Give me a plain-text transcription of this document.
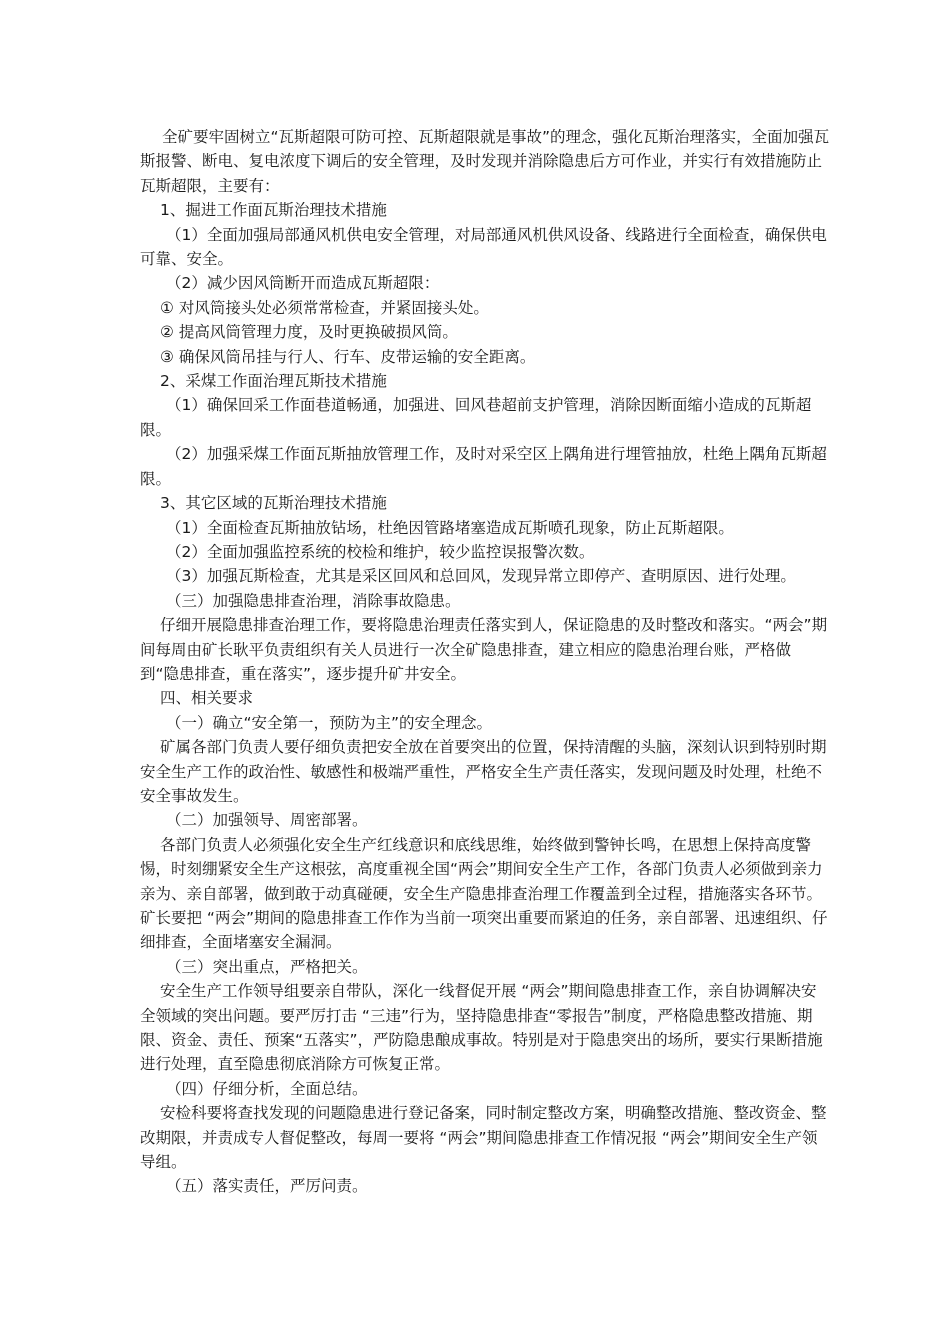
全矿要牢固树立“瓦斯超限可防可控、瓦斯超限就是事故”的理念，强化瓦斯治理落实，全面加强瓦斯报警、断电、复电浓度下调后的安全管理，及时发现并消除隐患后方可作业，并实行有效措施防止瓦斯超限，主要有：

1、掘进工作面瓦斯治理技术措施

（1）全面加强局部通风机供电安全管理，对局部通风机供风设备、线路进行全面检查，确保供电可靠、安全。

（2）减少因风筒断开而造成瓦斯超限：

① 对风筒接头处必须常常检查，并紧固接头处。

② 提高风筒管理力度，及时更换破损风筒。

③ 确保风筒吊挂与行人、行车、皮带运输的安全距离。

2、采煤工作面治理瓦斯技术措施

（1）确保回采工作面巷道畅通，加强进、回风巷超前支护管理，消除因断面缩小造成的瓦斯超限。

（2）加强采煤工作面瓦斯抽放管理工作，及时对采空区上隅角进行埋管抽放，杜绝上隅角瓦斯超限。

3、其它区域的瓦斯治理技术措施

（1）全面检查瓦斯抽放钻场，杜绝因管路堵塞造成瓦斯喷孔现象，防止瓦斯超限。

（2）全面加强监控系统的校检和维护，较少监控误报警次数。

（3）加强瓦斯检查，尤其是采区回风和总回风，发现异常立即停产、查明原因、进行处理。

（三）加强隐患排查治理，消除事故隐患。

仔细开展隐患排查治理工作，要将隐患治理责任落实到人，保证隐患的及时整改和落实。“两会”期间每周由矿长耿平负责组织有关人员进行一次全矿隐患排查，建立相应的隐患治理台账，严格做到“隐患排查，重在落实”，逐步提升矿井安全。

四、相关要求

（一）确立“安全第一，预防为主”的安全理念。

矿属各部门负责人要仔细负责把安全放在首要突出的位置，保持清醒的头脑，深刻认识到特别时期安全生产工作的政治性、敏感性和极端严重性，严格安全生产责任落实，发现问题及时处理，杜绝不安全事故发生。

（二）加强领导、周密部署。

各部门负责人必须强化安全生产红线意识和底线思维，始终做到警钟长鸣，在思想上保持高度警惕，时刻绷紧安全生产这根弦，高度重视全国“两会”期间安全生产工作，各部门负责人必须做到亲力亲为、亲自部署，做到敢于动真碰硬，安全生产隐患排查治理工作覆盖到全过程，措施落实各环节。矿长要把 “两会”期间的隐患排查工作作为当前一项突出重要而紧迫的任务，亲自部署、迅速组织、仔细排查，全面堵塞安全漏洞。

（三）突出重点，严格把关。

安全生产工作领导组要亲自带队，深化一线督促开展 “两会”期间隐患排查工作，亲自协调解决安全领域的突出问题。要严厉打击 “三违”行为，坚持隐患排查“零报告”制度，严格隐患整改措施、期限、资金、责任、预案“五落实”，严防隐患酿成事故。特别是对于隐患突出的场所，要实行果断措施进行处理，直至隐患彻底消除方可恢复正常。

（四）仔细分析，全面总结。

安检科要将查找发现的问题隐患进行登记备案，同时制定整改方案，明确整改措施、整改资金、整改期限，并责成专人督促整改，每周一要将 “两会”期间隐患排查工作情况报 “两会”期间安全生产领导组。

（五）落实责任，严厉问责。
